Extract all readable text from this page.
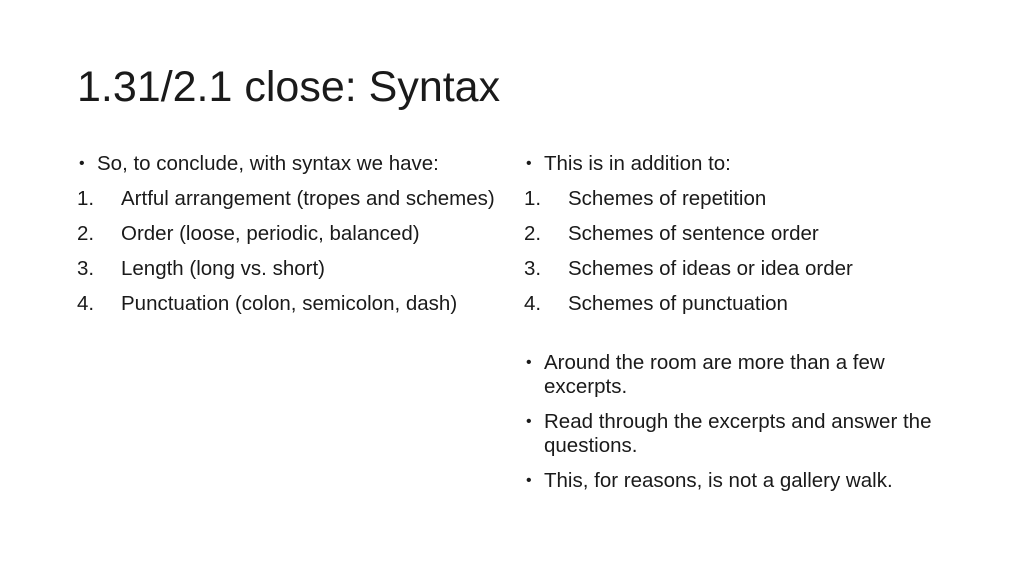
1.31/2.1 close: Syntax
• So, to conclude, with syntax we have:
1.	Artful arrangement (tropes and schemes)
2.	Order (loose, periodic, balanced)
3.	Length (long vs. short)
4.	Punctuation (colon, semicolon, dash)
• This is in addition to:
1.	Schemes of repetition
2.	Schemes of sentence order
3.	Schemes of ideas or idea order
4.	Schemes of punctuation
• Around the room are more than a few excerpts.
• Read through the excerpts and answer the questions.
• This, for reasons, is not a gallery walk.
